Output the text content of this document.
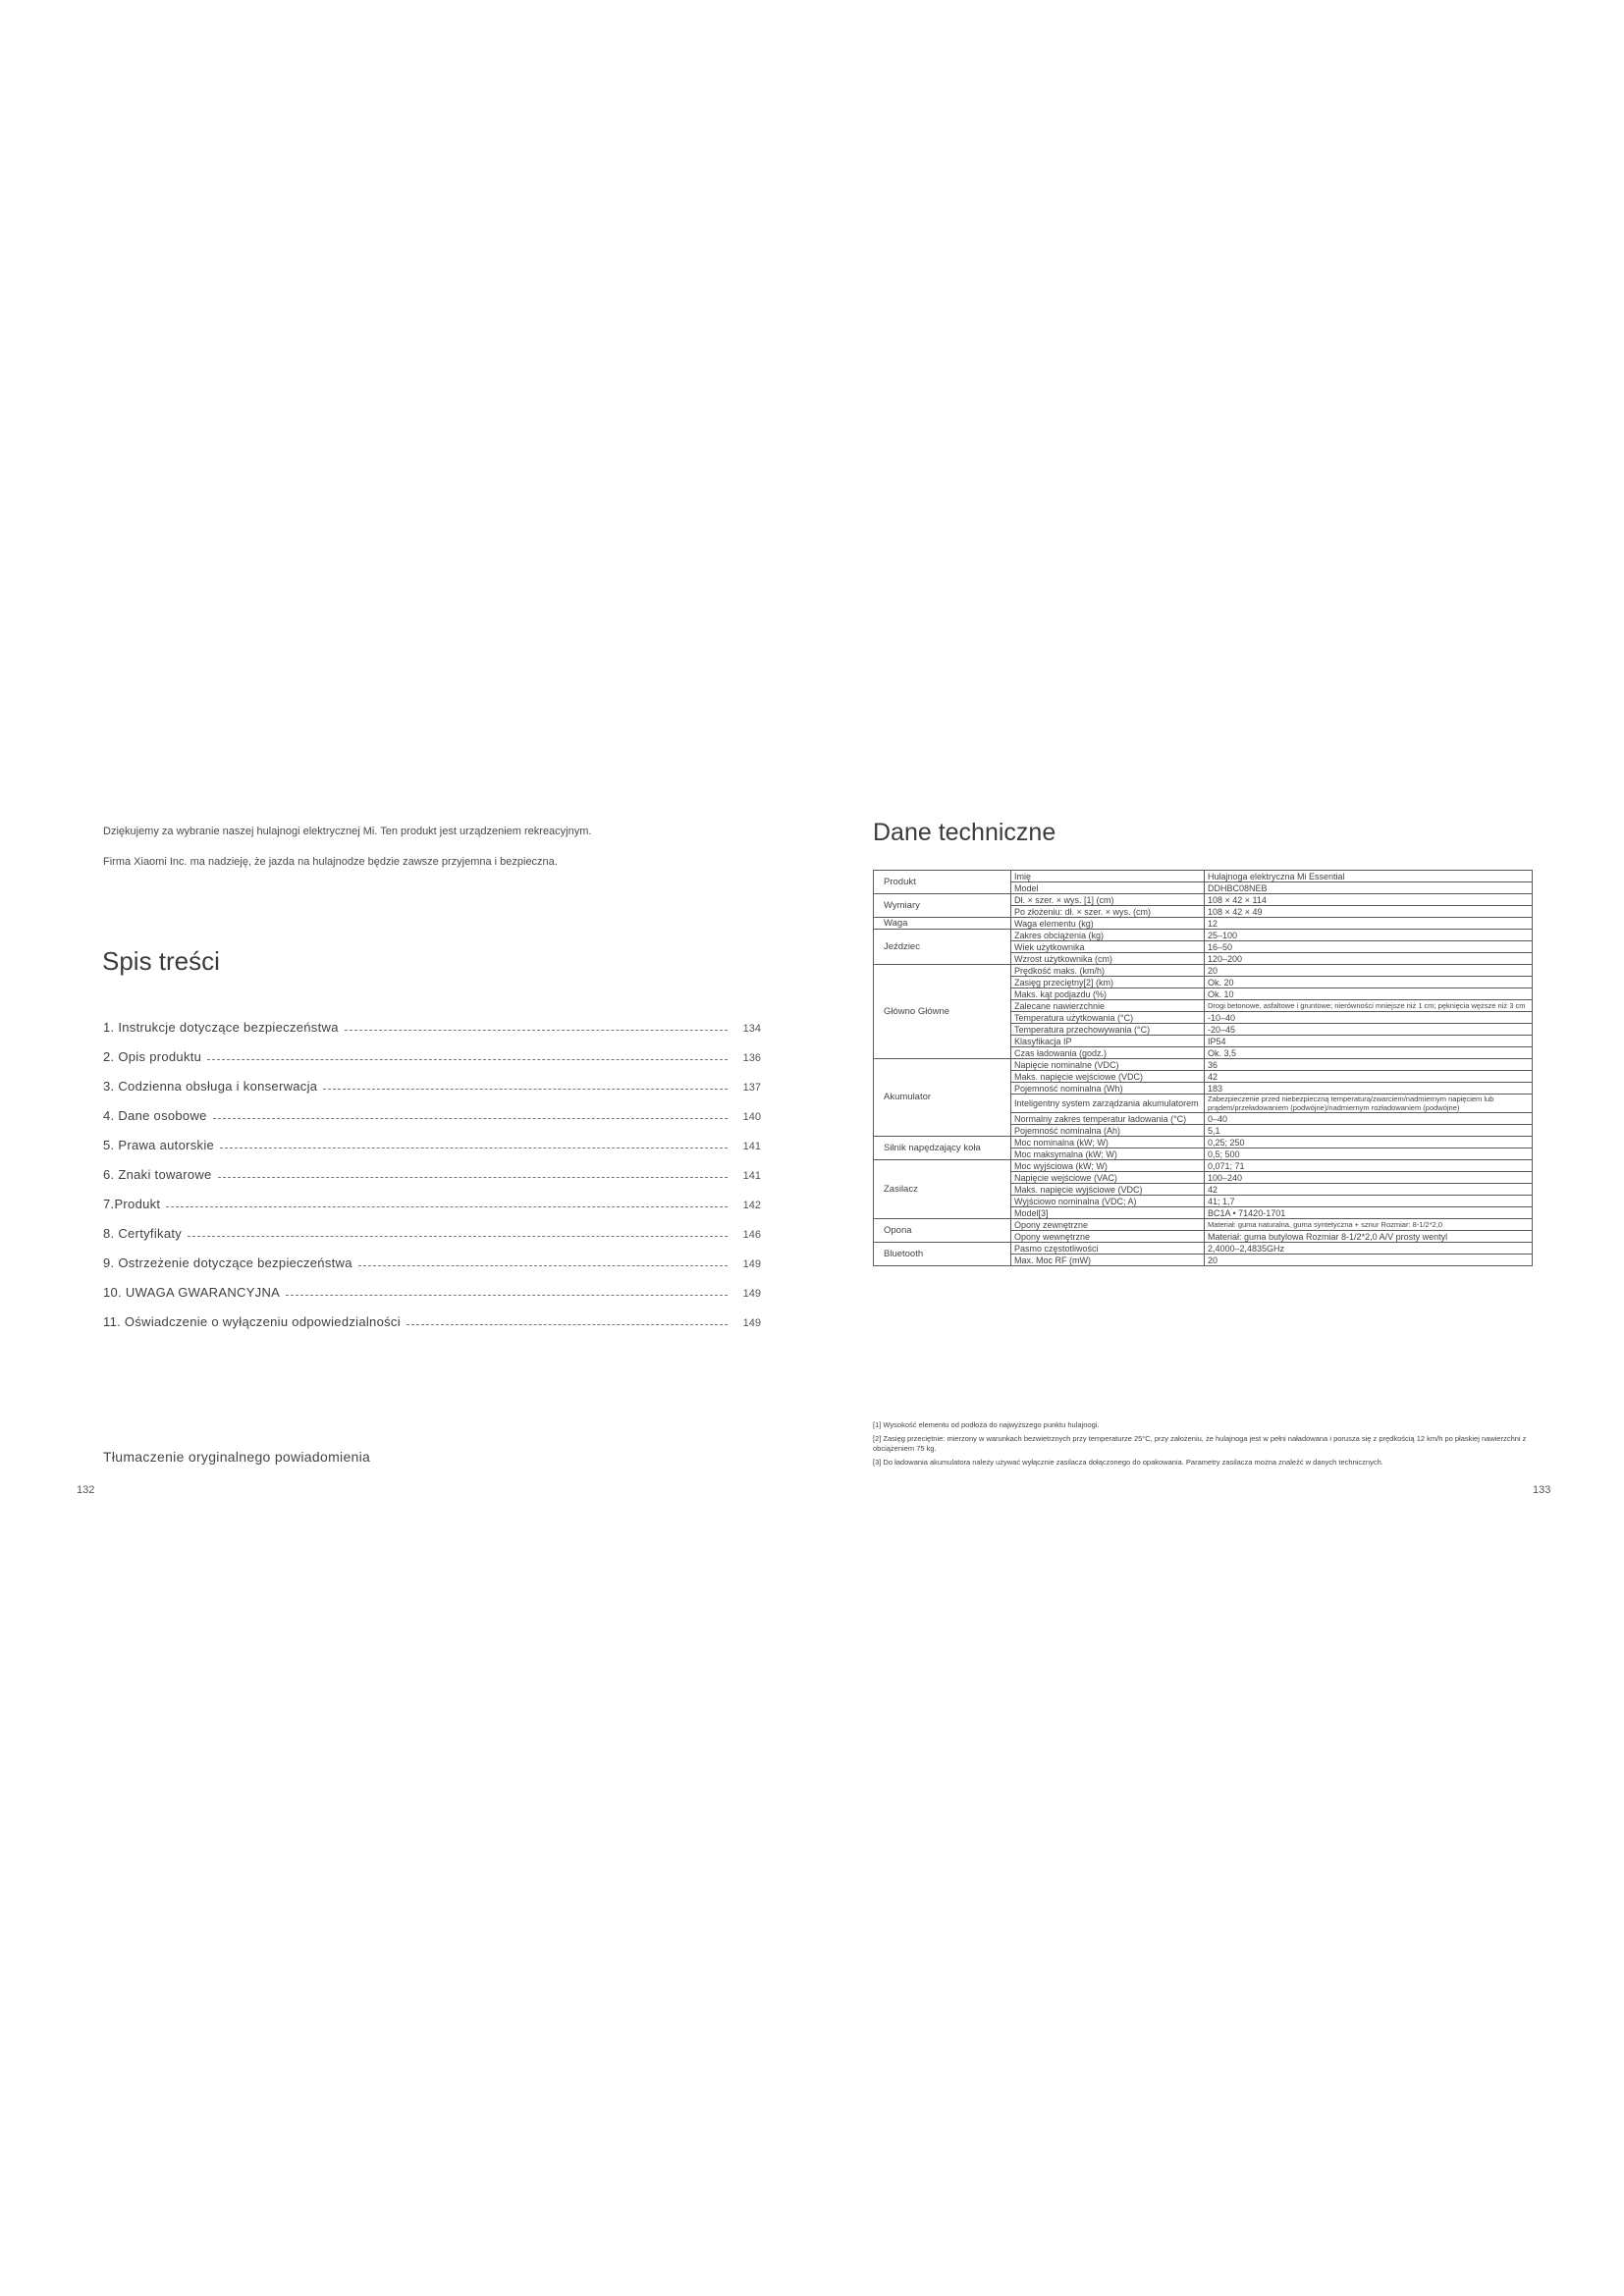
Dziękujemy za wybranie naszej hulajnogi elektrycznej Mi. Ten produkt jest urządzeniem rekreacyjnym.
Firma Xiaomi Inc. ma nadzieję, że jazda na hulajnodze będzie zawsze przyjemna i bezpieczna.
Spis treści
1. Instrukcje dotyczące bezpieczeństwa	134
2. Opis produktu	136
3. Codzienna obsługa i konserwacja	137
4. Dane osobowe	140
5. Prawa autorskie	141
6. Znaki towarowe	141
7.Produkt	142
8. Certyfikaty	146
9. Ostrzeżenie dotyczące bezpieczeństwa	149
10. UWAGA GWARANCYJNA	149
11. Oświadczenie o wyłączeniu odpowiedzialności	149
Tłumaczenie oryginalnego powiadomienia
132
Dane techniczne
Produkt	Imię	Hulajnoga elektryczna Mi Essential
	Model	DDHBC08NEB
Wymiary	Dł. × szer. × wys. [1] (cm)	108 × 42 × 114
	Po złożeniu: dł. × szer. × wys. (cm)	108 × 42 × 49
Waga	Waga elementu (kg)	12
Jeździec	Zakres obciążenia (kg)	25–100
	Wiek użytkownika	16–50
	Wzrost użytkownika (cm)	120–200
Główno Główne	Prędkość maks. (km/h)	20
	Zasięg przeciętny[2] (km)	Ok. 20
	Maks. kąt podjazdu (%)	Ok. 10
	Zalecane nawierzchnie	Drogi betonowe, asfaltowe i gruntowe; nierówności mniejsze niż 1 cm; pęknięcia węższe niż 3 cm
	Temperatura użytkowania (°C)	-10–40
	Temperatura przechowywania (°C)	-20–45
	Klasyfikacja IP	IP54
	Czas ładowania (godz.)	Ok. 3,5
Akumulator	Napięcie nominalne (VDC)	36
	Maks. napięcie wejściowe (VDC)	42
	Pojemność nominalna (Wh)	183
	Inteligentny system zarządzania akumulatorem	Zabezpieczenie przed niebezpieczną temperaturą/zwarciem/nadmiernym napięciem lub prądem/przeładowaniem (podwójne)/nadmiernym rozładowaniem (podwójne)
	Normalny zakres temperatur ładowania (°C)	0–40
	Pojemność nominalna (Ah)	5,1
Silnik napędzający koła	Moc nominalna (kW; W)	0,25; 250
	Moc maksymalna (kW; W)	0,5; 500
Zasilacz	Moc wyjściowa (kW; W)	0,071; 71
	Napięcie wejściowe (VAC)	100–240
	Maks. napięcie wyjściowe (VDC)	42
	Wyjściowo nominalna (VDC; A)	41; 1,7
	Model[3]	BC1A • 71420-1701
Opona	Opony zewnętrzne	Materiał: guma naturalna, guma syntetyczna + sznur Rozmiar: 8-1/2*2,0
	Opony wewnętrzne	Materiał: guma butylowa Rozmiar 8-1/2*2,0 A/V prosty wentyl
Bluetooth	Pasmo częstotliwości	2,4000–2,4835GHz
	Max. Moc RF (mW)	20

[1] Wysokość elementu od podłoża do najwyższego punktu hulajnogi.

[2] Zasięg przeciętnie: mierzony w warunkach bezwietrznych przy temperaturze 25°C, przy założeniu, że hulajnoga jest w pełni naładowana i porusza się z prędkością 12 km/h po płaskiej nawierzchni z obciążeniem 75 kg.

[3] Do ładowania akumulatora należy używać wyłącznie zasilacza dołączonego do opakowania. Parametry zasilacza można znaleźć w danych technicznych.

133
